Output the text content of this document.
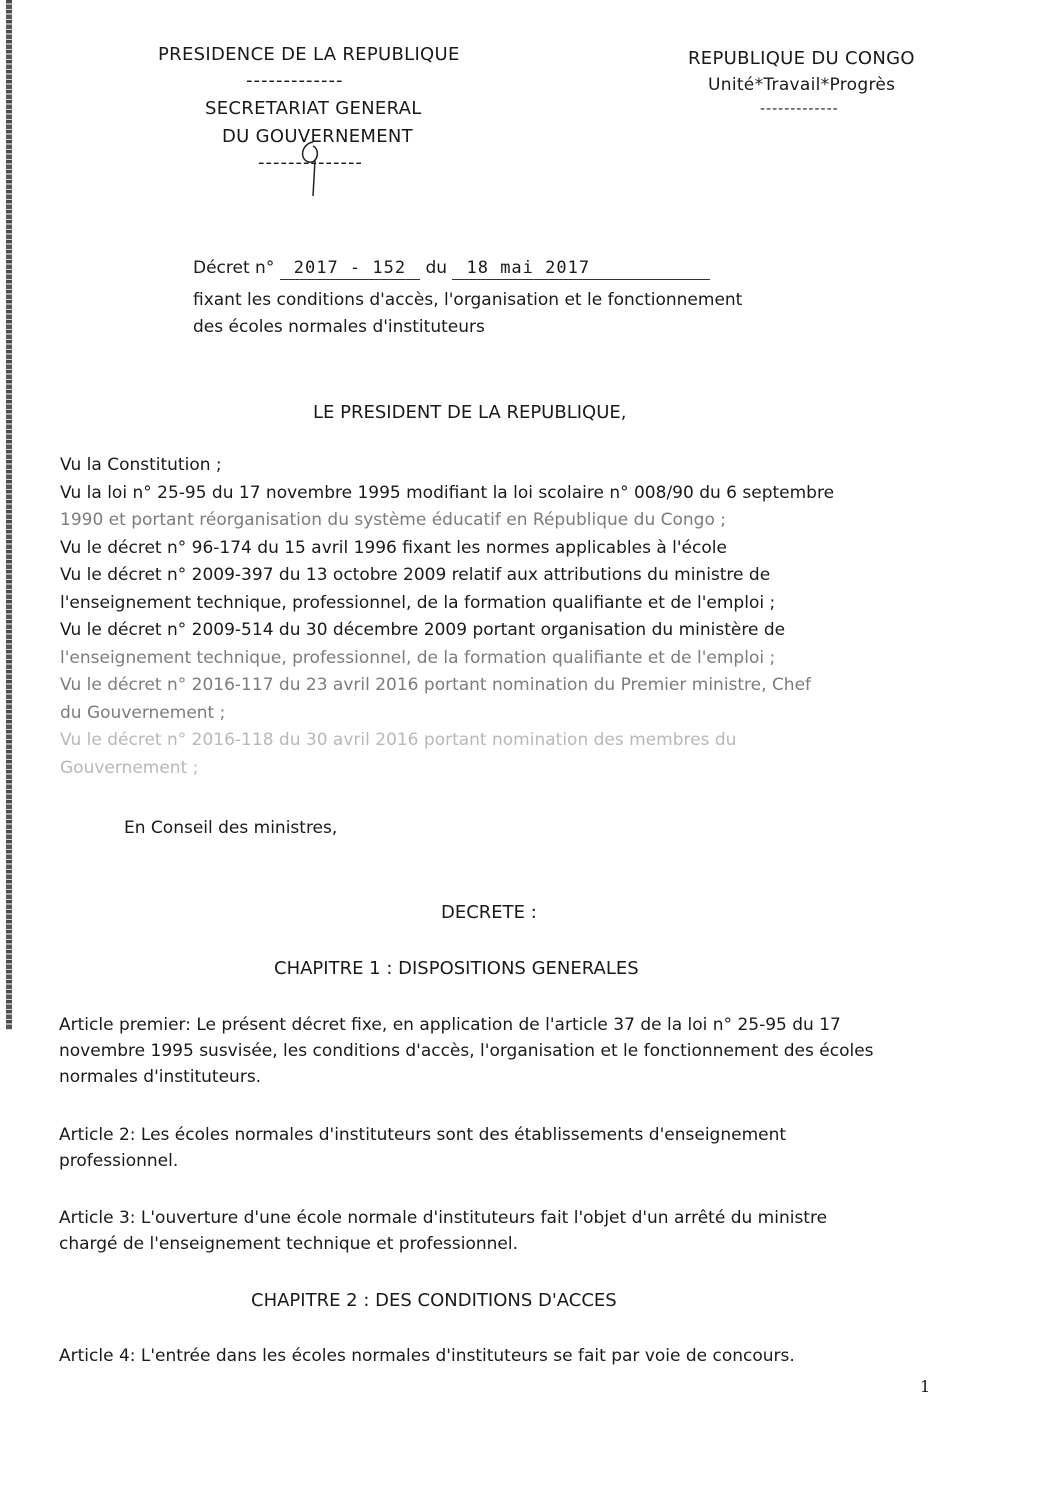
PRESIDENCE DE LA REPUBLIQUE
-------------
SECRETARIAT GENERAL
DU GOUVERNEMENT
--------------
REPUBLIQUE DU CONGO
Unité*Travail*Progrès
-------------
Décret n° 2017 - 152 du 18 mai 2017
fixant les conditions d'accès, l'organisation et le fonctionnement
des écoles normales d'instituteurs
LE PRESIDENT DE LA REPUBLIQUE,
Vu la Constitution ;
Vu la loi n° 25-95 du 17 novembre 1995 modifiant la loi scolaire n° 008/90 du 6 septembre
1990 et portant réorganisation du système éducatif en République du Congo ;
Vu le décret n° 96-174 du 15 avril 1996 fixant les normes applicables à l'école
Vu le décret n° 2009-397 du 13 octobre 2009 relatif aux attributions du ministre de
l'enseignement technique, professionnel, de la formation qualifiante et de l'emploi ;
Vu le décret n° 2009-514 du 30 décembre 2009 portant organisation du ministère de
l'enseignement technique, professionnel, de la formation qualifiante et de l'emploi ;
Vu le décret n° 2016-117 du 23 avril 2016 portant nomination du Premier ministre, Chef
du Gouvernement ;
Vu le décret n° 2016-118 du 30 avril 2016 portant nomination des membres du
Gouvernement ;
En Conseil des ministres,
DECRETE :
CHAPITRE 1 : DISPOSITIONS GENERALES
Article premier: Le présent décret fixe, en application de l'article 37 de la loi n° 25-95 du 17
novembre 1995 susvisée, les conditions d'accès, l'organisation et le fonctionnement des écoles
normales d'instituteurs.
Article 2: Les écoles normales d'instituteurs sont des établissements d'enseignement
professionnel.
Article 3: L'ouverture d'une école normale d'instituteurs fait l'objet d'un arrêté du ministre
chargé de l'enseignement technique et professionnel.
CHAPITRE 2 : DES CONDITIONS D'ACCES
Article 4: L'entrée dans les écoles normales d'instituteurs se fait par voie de concours.
1
